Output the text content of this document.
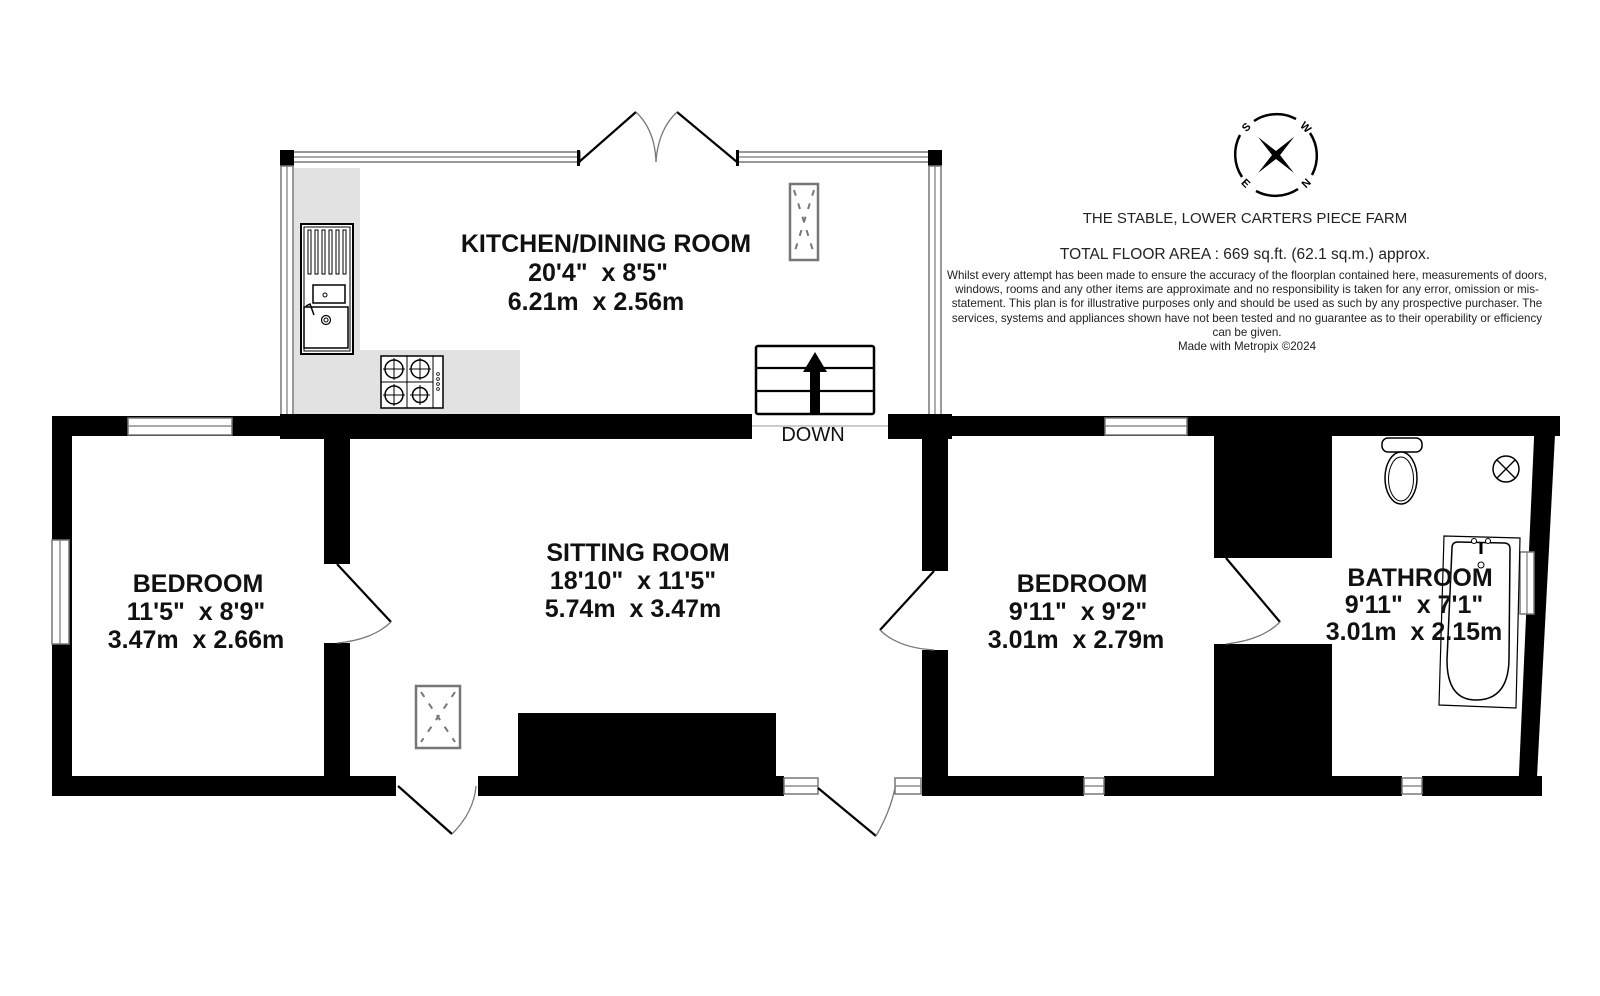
KITCHEN/DINING ROOM
20'4"  x 8'5"
6.21m  x 2.56m
SITTING ROOM
18'10"  x 11'5"
5.74m  x 3.47m
BEDROOM
11'5"  x 8'9"
3.47m  x 2.66m
BEDROOM
9'11"  x 9'2"
3.01m  x 2.79m
BATHROOM
9'11"  x 7'1"
3.01m  x 2.15m
DOWN
S	W
N
E
THE STABLE, LOWER CARTERS PIECE FARM
TOTAL FLOOR AREA : 669 sq.ft. (62.1 sq.m.) approx.
Whilst every attempt has been made to ensure the accuracy of the floorplan contained here, measurements of doors, windows, rooms and any other items are approximate and no responsibility is taken for any error, omission or mis-statement. This plan is for illustrative purposes only and should be used as such by any prospective purchaser. The services, systems and appliances shown have not been tested and no guarantee as to their operability or efficiency can be given.
Made with Metropix ©2024
